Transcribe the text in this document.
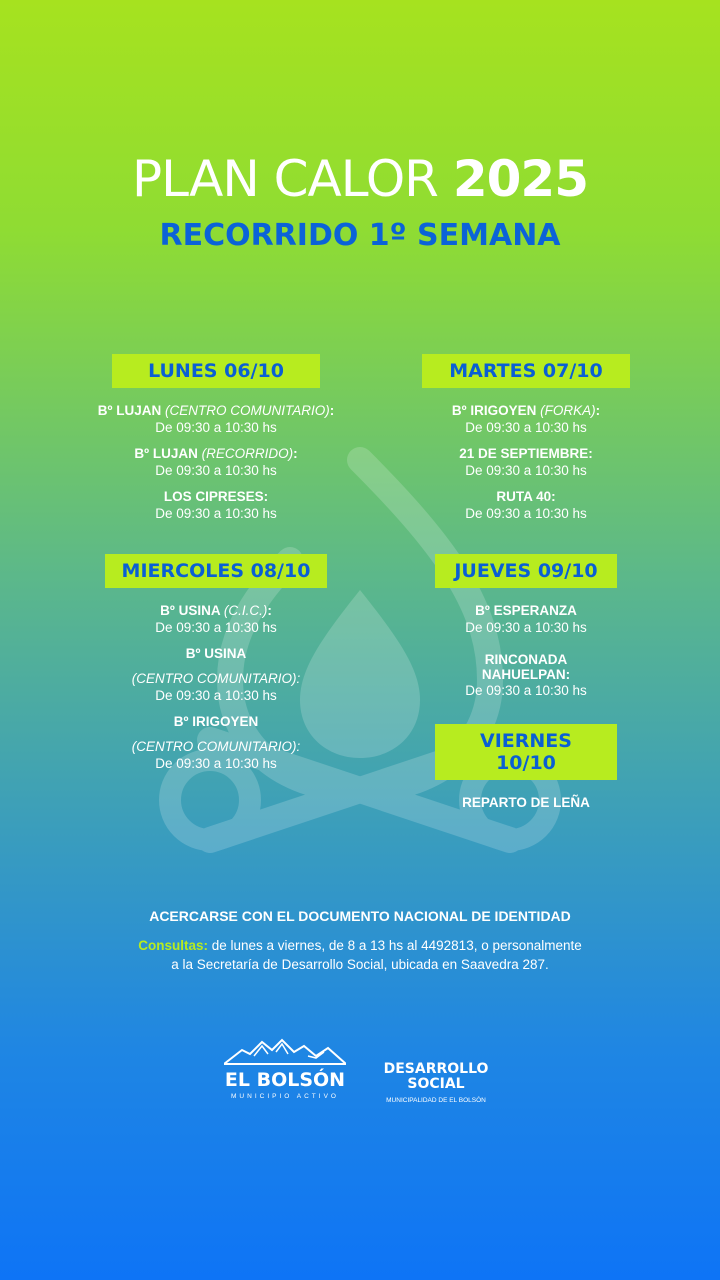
PLAN CALOR 2025
RECORRIDO 1º SEMANA
LUNES 06/10
Bº LUJAN (CENTRO COMUNITARIO):
De 09:30 a 10:30 hs
Bº LUJAN (RECORRIDO):
De 09:30 a 10:30 hs
LOS CIPRESES:
De 09:30 a 10:30 hs
MARTES 07/10
Bº IRIGOYEN (FORKA):
De 09:30 a 10:30 hs
21 DE SEPTIEMBRE:
De 09:30 a 10:30 hs
RUTA 40:
De 09:30 a 10:30 hs
MIERCOLES 08/10
Bº USINA (C.I.C.):
De 09:30 a 10:30 hs
Bº USINA
(CENTRO COMUNITARIO):
De 09:30 a 10:30 hs
Bº IRIGOYEN
(CENTRO COMUNITARIO):
De 09:30 a 10:30 hs
JUEVES 09/10
Bº ESPERANZA
De 09:30 a 10:30 hs
RINCONADA NAHUELPAN:
De 09:30 a 10:30 hs
VIERNES 10/10
REPARTO DE LEÑA
ACERCARSE CON EL DOCUMENTO NACIONAL DE IDENTIDAD
Consultas: de lunes a viernes, de 8 a 13 hs al 4492813, o personalmente
a la Secretaría de Desarrollo Social, ubicada en Saavedra 287.
EL BOLSÓN
MUNICIPIO ACTIVO
DESARROLLO
SOCIAL
MUNICIPALIDAD DE EL BOLSÓN
